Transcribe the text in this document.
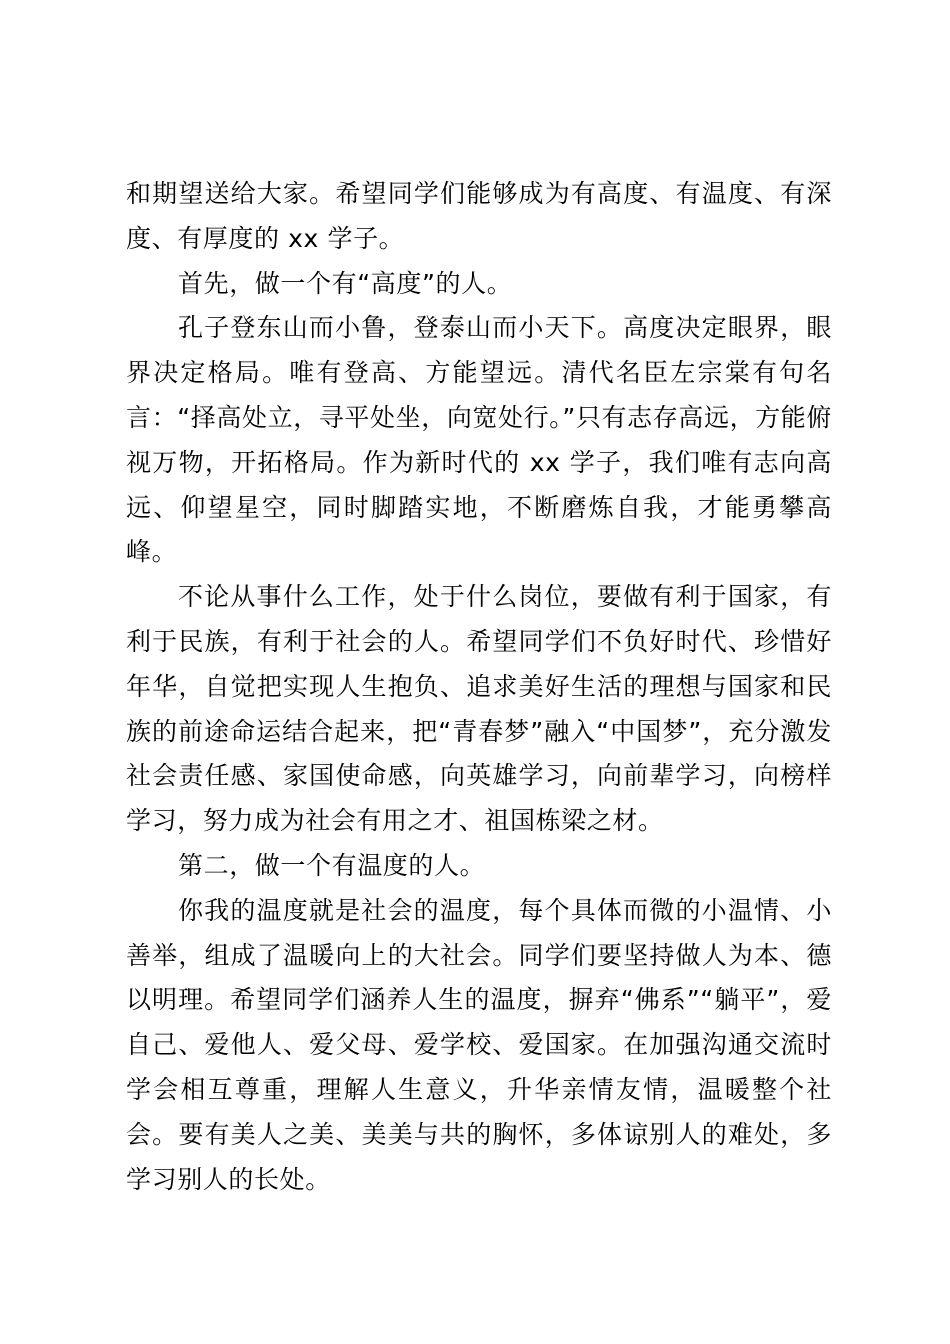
和期望送给大家。希望同学们能够成为有高度、有温度、有深度、有厚度的 xx 学子。

首先，做一个有“高度”的人。

孔子登东山而小鲁，登泰山而小天下。高度决定眼界，眼界决定格局。唯有登高、方能望远。清代名臣左宗棠有句名言：“择高处立，寻平处坐，向宽处行。”只有志存高远，方能俯视万物，开拓格局。作为新时代的 xx 学子，我们唯有志向高远、仰望星空，同时脚踏实地，不断磨炼自我，才能勇攀高峰。

不论从事什么工作，处于什么岗位，要做有利于国家，有利于民族，有利于社会的人。希望同学们不负好时代、珍惜好年华，自觉把实现人生抱负、追求美好生活的理想与国家和民族的前途命运结合起来，把“青春梦”融入“中国梦”，充分激发社会责任感、家国使命感，向英雄学习，向前辈学习，向榜样学习，努力成为社会有用之才、祖国栋梁之材。

第二，做一个有温度的人。

你我的温度就是社会的温度，每个具体而微的小温情、小善举，组成了温暖向上的大社会。同学们要坚持做人为本、德以明理。希望同学们涵养人生的温度，摒弃“佛系”“躺平”，爱自己、爱他人、爱父母、爱学校、爱国家。在加强沟通交流时学会相互尊重，理解人生意义，升华亲情友情，温暖整个社会。要有美人之美、美美与共的胸怀，多体谅别人的难处，多学习别人的长处。
